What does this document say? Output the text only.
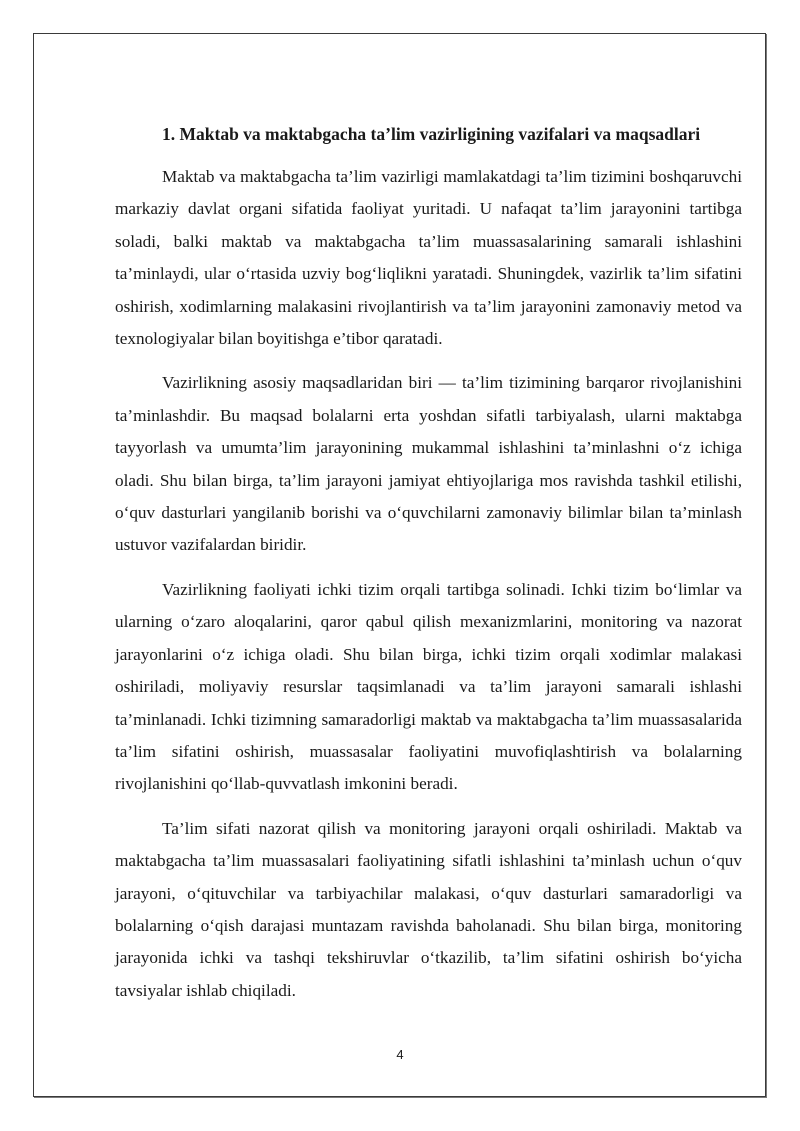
1. Maktab va maktabgacha ta’lim vazirligining vazifalari va maqsadlari

Maktab va maktabgacha ta’lim vazirligi mamlakatdagi ta’lim tizimini boshqaruvchi markaziy davlat organi sifatida faoliyat yuritadi. U nafaqat ta’lim jarayonini tartibga soladi, balki maktab va maktabgacha ta’lim muassasalarining samarali ishlashini ta’minlaydi, ular o‘rtasida uzviy bog‘liqlikni yaratadi. Shuningdek, vazirlik ta’lim sifatini oshirish, xodimlarning malakasini rivojlantirish va ta’lim jarayonini zamonaviy metod va texnologiyalar bilan boyitishga e’tibor qaratadi.

Vazirlikning asosiy maqsadlaridan biri — ta’lim tizimining barqaror rivojlanishini ta’minlashdir. Bu maqsad bolalarni erta yoshdan sifatli tarbiyalash, ularni maktabga tayyorlash va umumta’lim jarayonining mukammal ishlashini ta’minlashni o‘z ichiga oladi. Shu bilan birga, ta’lim jarayoni jamiyat ehtiyojlariga mos ravishda tashkil etilishi, o‘quv dasturlari yangilanib borishi va o‘quvchilarni zamonaviy bilimlar bilan ta’minlash ustuvor vazifalardan biridir.

Vazirlikning faoliyati ichki tizim orqali tartibga solinadi. Ichki tizim bo‘limlar va ularning o‘zaro aloqalarini, qaror qabul qilish mexanizmlarini, monitoring va nazorat jarayonlarini o‘z ichiga oladi. Shu bilan birga, ichki tizim orqali xodimlar malakasi oshiriladi, moliyaviy resurslar taqsimlanadi va ta’lim jarayoni samarali ishlashi ta’minlanadi. Ichki tizimning samaradorligi maktab va maktabgacha ta’lim muassasalarida ta’lim sifatini oshirish, muassasalar faoliyatini muvofiqlashtirish va bolalarning rivojlanishini qo‘llab-quvvatlash imkonini beradi.

Ta’lim sifati nazorat qilish va monitoring jarayoni orqali oshiriladi. Maktab va maktabgacha ta’lim muassasalari faoliyatining sifatli ishlashini ta’minlash uchun o‘quv jarayoni, o‘qituvchilar va tarbiyachilar malakasi, o‘quv dasturlari samaradorligi va bolalarning o‘qish darajasi muntazam ravishda baholanadi. Shu bilan birga, monitoring jarayonida ichki va tashqi tekshiruvlar o‘tkazilib, ta’lim sifatini oshirish bo‘yicha tavsiyalar ishlab chiqiladi.

4
